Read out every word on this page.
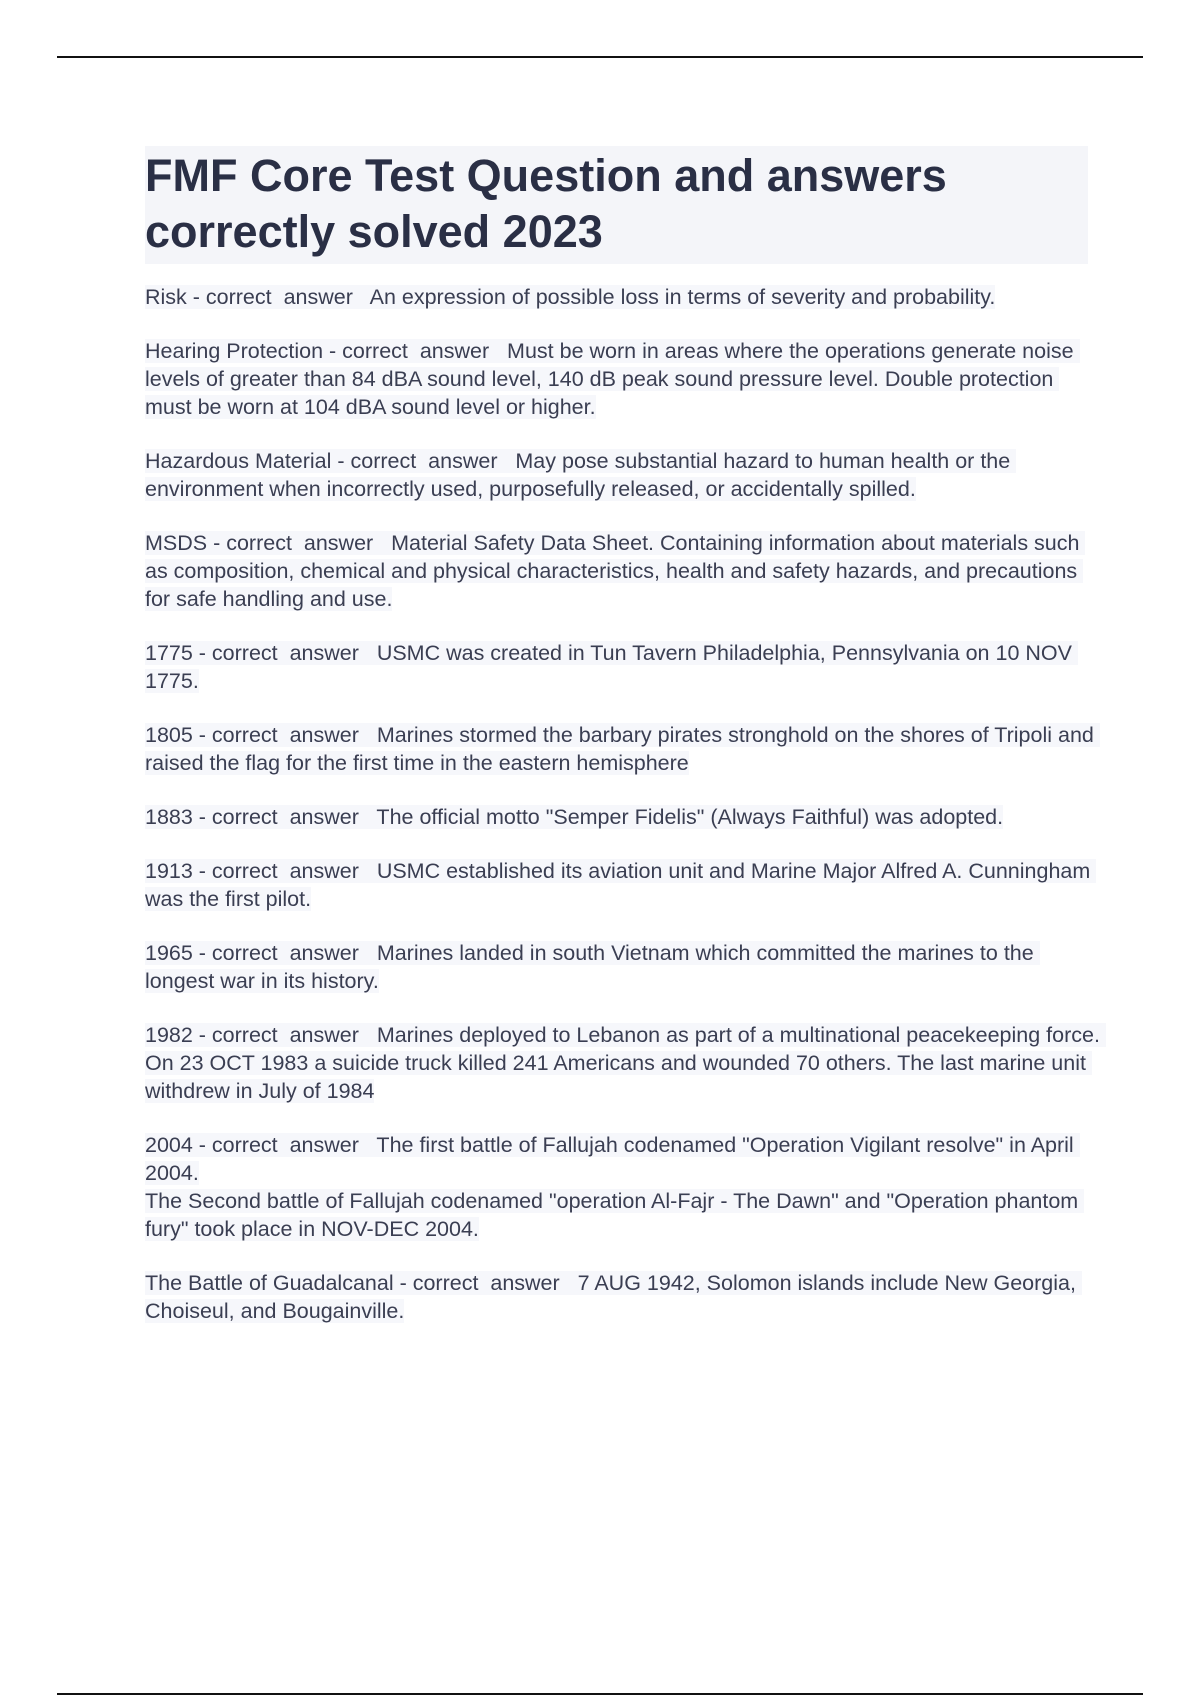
FMF Core Test Question and answers correctly solved 2023

Risk - correct  answer   An expression of possible loss in terms of severity and probability.

Hearing Protection - correct  answer   Must be worn in areas where the operations generate noise levels of greater than 84 dBA sound level, 140 dB peak sound pressure level. Double protection must be worn at 104 dBA sound level or higher.

Hazardous Material - correct  answer   May pose substantial hazard to human health or the environment when incorrectly used, purposefully released, or accidentally spilled.

MSDS - correct  answer   Material Safety Data Sheet. Containing information about materials such as composition, chemical and physical characteristics, health and safety hazards, and precautions for safe handling and use.

1775 - correct  answer   USMC was created in Tun Tavern Philadelphia, Pennsylvania on 10 NOV 1775.

1805 - correct  answer   Marines stormed the barbary pirates stronghold on the shores of Tripoli and raised the flag for the first time in the eastern hemisphere

1883 - correct  answer   The official motto "Semper Fidelis" (Always Faithful) was adopted.

1913 - correct  answer   USMC established its aviation unit and Marine Major Alfred A. Cunningham was the first pilot.

1965 - correct  answer   Marines landed in south Vietnam which committed the marines to the longest war in its history.

1982 - correct  answer   Marines deployed to Lebanon as part of a multinational peacekeeping force. On 23 OCT 1983 a suicide truck killed 241 Americans and wounded 70 others. The last marine unit withdrew in July of 1984

2004 - correct  answer   The first battle of Fallujah codenamed "Operation Vigilant resolve" in April 2004.
The Second battle of Fallujah codenamed "operation Al-Fajr - The Dawn" and "Operation phantom fury" took place in NOV-DEC 2004.

The Battle of Guadalcanal - correct  answer   7 AUG 1942, Solomon islands include New Georgia, Choiseul, and Bougainville.
